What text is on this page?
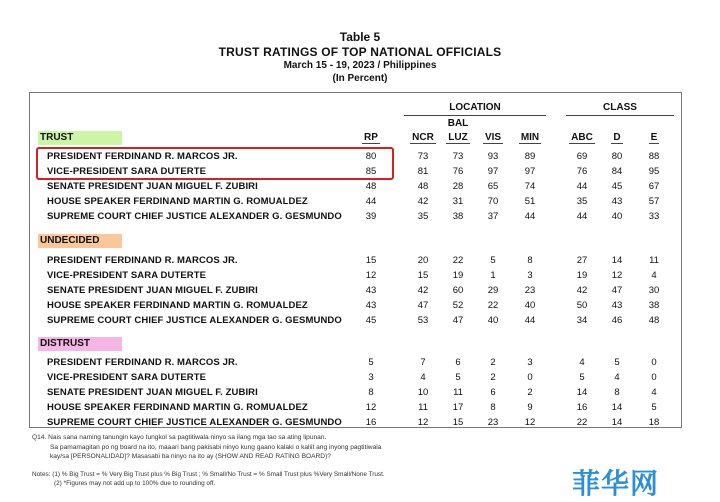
Table 5
TRUST RATINGS OF TOP NATIONAL OFFICIALS
March 15 - 19, 2023 / Philippines
(In Percent)
LOCATION	CLASS
BAL
RP	NCR	LUZ	VIS	MIN	ABC	D	E
TRUST
PRESIDENT FERDINAND R. MARCOS JR.	80	73	73	93	89	69	80	88
VICE-PRESIDENT SARA DUTERTE	85	81	76	97	97	76	84	95
SENATE PRESIDENT JUAN MIGUEL F. ZUBIRI	48	48	28	65	74	44	45	67
HOUSE SPEAKER FERDINAND MARTIN G. ROMUALDEZ	44	42	31	70	51	35	43	57
SUPREME COURT CHIEF JUSTICE ALEXANDER G. GESMUNDO	39	35	38	37	44	44	40	33
UNDECIDED
PRESIDENT FERDINAND R. MARCOS JR.	15	20	22	5	8	27	14	11
VICE-PRESIDENT SARA DUTERTE	12	15	19	1	3	19	12	4
SENATE PRESIDENT JUAN MIGUEL F. ZUBIRI	43	42	60	29	23	42	47	30
HOUSE SPEAKER FERDINAND MARTIN G. ROMUALDEZ	43	47	52	22	40	50	43	38
SUPREME COURT CHIEF JUSTICE ALEXANDER G. GESMUNDO	45	53	47	40	44	34	46	48
DISTRUST
PRESIDENT FERDINAND R. MARCOS JR.	5	7	6	2	3	4	5	0
VICE-PRESIDENT SARA DUTERTE	3	4	5	2	0	5	4	0
SENATE PRESIDENT JUAN MIGUEL F. ZUBIRI	8	10	11	6	2	14	8	4
HOUSE SPEAKER FERDINAND MARTIN G. ROMUALDEZ	12	11	17	8	9	16	14	5
SUPREME COURT CHIEF JUSTICE ALEXANDER G. GESMUNDO	16	12	15	23	12	22	14	18
Q14. Nais sana naming tanungin kayo tungkol sa pagtitiwala ninyo sa ilang mga tao sa ating lipunan.
Sa pamamagitan po ng board na ito, maaari bang pakisabi ninyo kung gaano kalaki o kaliit ang inyong pagtitiwala
kay/sa [PERSONALIDAD]? Masasabi ba ninyo na ito ay (SHOW AND READ RATING BOARD)?
Notes: (1) % Big Trust = % Very Big Trust plus % Big Trust ; % Small/No Trust = % Small Trust plus %Very Small/None Trust.
(2) *Figures may not add up to 100% due to rounding off.	菲华网
